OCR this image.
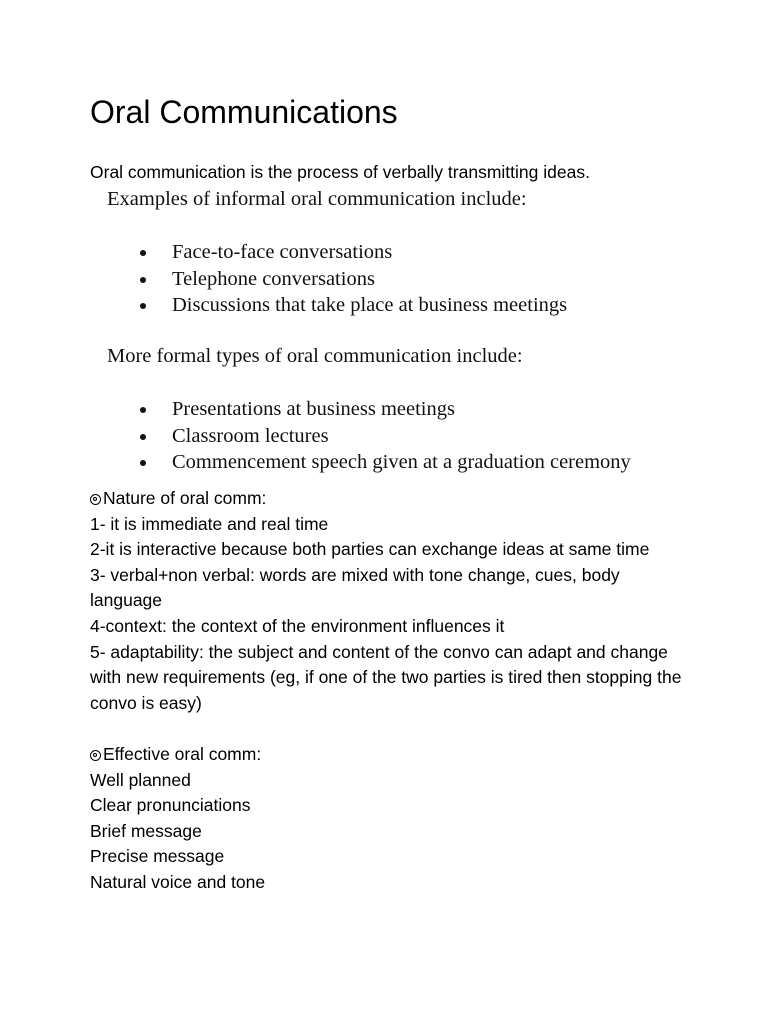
Oral Communications
Oral communication is the process of verbally transmitting ideas.
Examples of informal oral communication include:
Face-to-face conversations
Telephone conversations
Discussions that take place at business meetings
More formal types of oral communication include:
Presentations at business meetings
Classroom lectures
Commencement speech given at a graduation ceremony

Nature of oral comm:

1- it is immediate and real time

2-it is interactive because both parties can exchange ideas at same time

3- verbal+non verbal: words are mixed with tone change, cues, body language

4-context: the context of the environment influences it

5- adaptability: the subject and content of the convo can adapt and change with new requirements (eg, if one of the two parties is tired then stopping the convo is easy)

Effective oral comm:

Well planned

Clear pronunciations

Brief message

Precise message

Natural voice and tone
